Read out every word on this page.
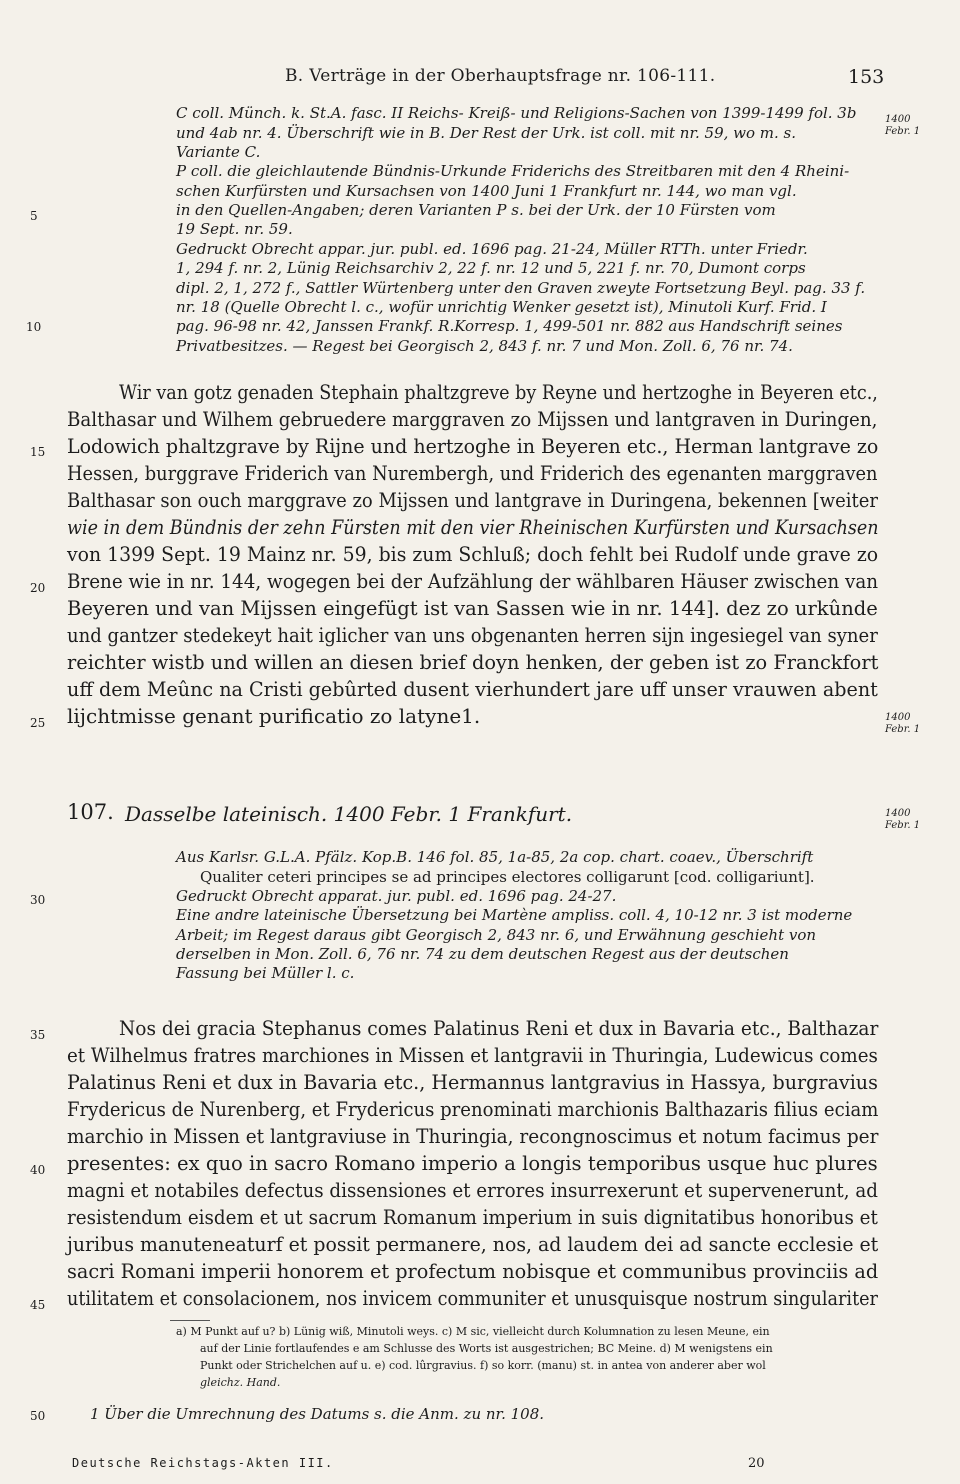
B. Verträge in der Oberhauptsfrage nr. 106-111.	153
C coll. Münch. k. St.A. fasc. II Reichs- Kreiß- und Religions-Sachen von 1399-1499 fol. 3b
und 4ab nr. 4. Überschrift wie in B. Der Rest der Urk. ist coll. mit nr. 59, wo m. s.
Variante C.
P coll. die gleichlautende Bündnis-Urkunde Friderichs des Streitbaren mit den 4 Rheini-
schen Kurfürsten und Kursachsen von 1400 Juni 1 Frankfurt nr. 144, wo man vgl.
in den Quellen-Angaben; deren Varianten P s. bei der Urk. der 10 Fürsten vom
19 Sept. nr. 59.
Gedruckt Obrecht appar. jur. publ. ed. 1696 pag. 21-24, Müller RTTh. unter Friedr.
1, 294 f. nr. 2, Lünig Reichsarchiv 2, 22 f. nr. 12 und 5, 221 f. nr. 70, Dumont corps
dipl. 2, 1, 272 f., Sattler Würtenberg unter den Graven zweyte Fortsetzung Beyl. pag. 33 f.
nr. 18 (Quelle Obrecht l. c., wofür unrichtig Wenker gesetzt ist), Minutoli Kurf. Frid. I
pag. 96-98 nr. 42, Janssen Frankf. R.Korresp. 1, 499-501 nr. 882 aus Handschrift seines
Privatbesitzes. — Regest bei Georgisch 2, 843 f. nr. 7 und Mon. Zoll. 6, 76 nr. 74.
Wir van gotz genaden Stephain phaltzgreve by Reyne und hertzoghe in Beyeren etc.,
Balthasar und Wilhem gebruedere marggraven zo Mijssen und lantgraven in Duringen,
Lodowich phaltzgrave by Rijne und hertzoghe in Beyeren etc., Herman lantgrave zo
Hessen, burggrave Friderich van Nurembergh, und Friderich des egenanten marggraven
Balthasar son ouch marggrave zo Mijssen und lantgrave in Duringena, bekennen [weiter
wie in dem Bündnis der zehn Fürsten mit den vier Rheinischen Kurfürsten und Kursachsen
von 1399 Sept. 19 Mainz nr. 59, bis zum Schluß; doch fehlt bei Rudolf unde grave zo
Brene wie in nr. 144, wogegen bei der Aufzählung der wählbaren Häuser zwischen van
Beyeren und van Mijssen eingefügt ist van Sassen wie in nr. 144]. dez zo urkûnde
und gantzer stedekeyt hait iglicher van uns obgenanten herren sijn ingesiegel van syner
reichter wistb und willen an diesen brief doyn henken, der geben ist zo Franckfort
uff dem Meûnc na Cristi gebûrted dusent vierhundert jare uff unser vrauwen abent
lijchtmisse genant purificatio zo latyne1.
107. Dasselbe lateinisch. 1400 Febr. 1 Frankfurt.
Aus Karlsr. G.L.A. Pfälz. Kop.B. 146 fol. 85, 1a-85, 2a cop. chart. coaev., Überschrift
Qualiter ceteri principes se ad principes electores colligarunt [cod. colligariunt].
Gedruckt Obrecht apparat. jur. publ. ed. 1696 pag. 24-27.
Eine andre lateinische Übersetzung bei Martène ampliss. coll. 4, 10-12 nr. 3 ist moderne
Arbeit; im Regest daraus gibt Georgisch 2, 843 nr. 6, und Erwähnung geschieht von
derselben in Mon. Zoll. 6, 76 nr. 74 zu dem deutschen Regest aus der deutschen
Fassung bei Müller l. c.
Nos dei gracia Stephanus comes Palatinus Reni et dux in Bavaria etc., Balthazar
et Wilhelmus fratres marchiones in Missen et lantgravii in Thuringia, Ludewicus comes
Palatinus Reni et dux in Bavaria etc., Hermannus lantgravius in Hassya, burgravius
Frydericus de Nurenberg, et Frydericus prenominati marchionis Balthazaris filius eciam
marchio in Missen et lantgraviuse in Thuringia, recongnoscimus et notum facimus per
presentes: ex quo in sacro Romano imperio a longis temporibus usque huc plures
magni et notabiles defectus dissensiones et errores insurrexerunt et supervenerunt, ad
resistendum eisdem et ut sacrum Romanum imperium in suis dignitatibus honoribus et
juribus manuteneaturf et possit permanere, nos, ad laudem dei ad sancte ecclesie et
sacri Romani imperii honorem et profectum nobisque et communibus provinciis ad
utilitatem et consolacionem, nos invicem communiter et unusquisque nostrum singulariter
a) M Punkt auf u? b) Lünig wiß, Minutoli weys. c) M sic, vielleicht durch Kolumnation zu lesen Meune, ein
auf der Linie fortlaufendes e am Schlusse des Worts ist ausgestrichen; BC Meine. d) M wenigstens ein
Punkt oder Strichelchen auf u. e) cod. lûrgravius. f) so korr. (manu) st. in antea von anderer aber wol
gleichz. Hand.
1 Über die Umrechnung des Datums s. die Anm. zu nr. 108.
Deutsche Reichstags-Akten III.	20
5
10
15
20
25
30
35
40
45
50
1400
Febr. 1
1400
Febr. 1
1400
Febr. 1
